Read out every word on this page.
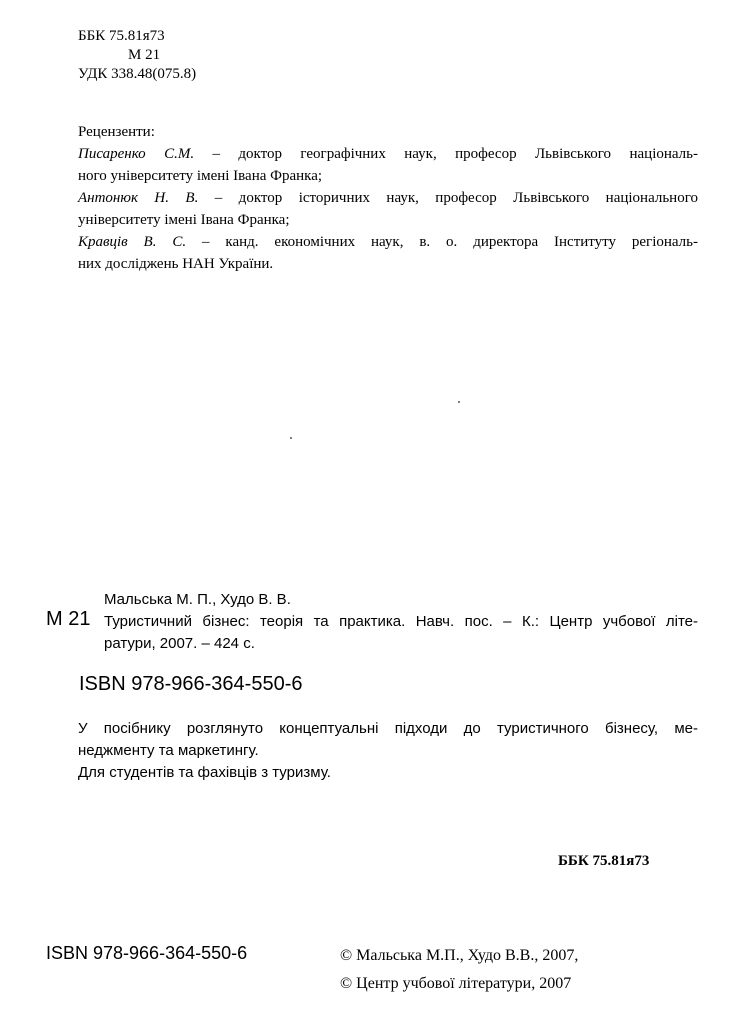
ББК 75.81я73
М 21
УДК 338.48(075.8)
Рецензенти:
Писаренко С.М. – доктор географічних наук, професор Львівського національ-
ного університету імені Івана Франка;
Антонюк Н. В. – доктор історичних наук, професор Львівського національного
університету імені Івана Франка;
Кравців В. С. – канд. економічних наук, в. о. директора Інституту регіональ-
них досліджень НАН України.
М 21
Мальська М. П., Худо В. В.
Туристичний бізнес: теорія та практика. Навч. пос. – К.: Центр учбової літе-
ратури, 2007. – 424 с.
ISBN 978-966-364-550-6
У посібнику розглянуто концептуальні підходи до туристичного бізнесу, ме-
неджменту та маркетингу.
Для студентів та фахівців з туризму.
ББК 75.81я73
ISBN 978-966-364-550-6	© Мальська М.П., Худо В.В., 2007,
© Центр учбової літератури, 2007
